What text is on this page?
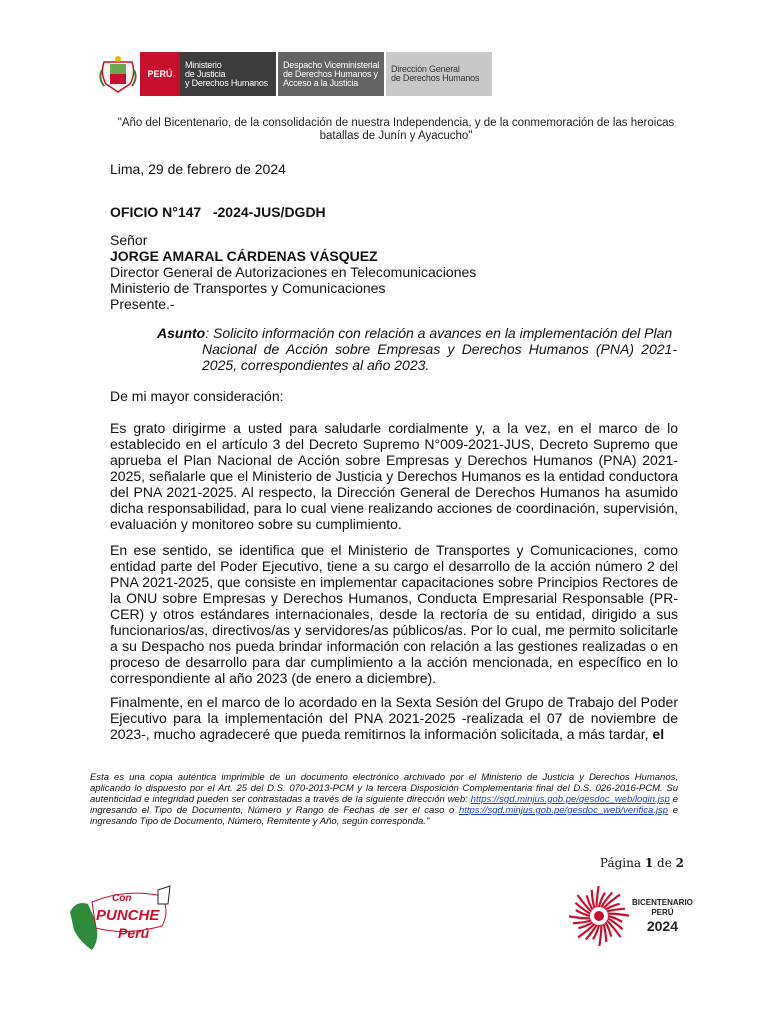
PERÚ
Ministerio
de Justicia
y Derechos Humanos
Despacho Viceministerial
de Derechos Humanos y
Acceso a la Justicia
Dirección General
de Derechos Humanos
"Año del Bicentenario, de la consolidación de nuestra Independencia, y de la conmemoración de las heroicas batallas de Junín y Ayacucho"
Lima, 29 de febrero de 2024
OFICIO N°147   -2024-JUS/DGDH
Señor
JORGE AMARAL CÁRDENAS VÁSQUEZ
Director General de Autorizaciones en Telecomunicaciones
Ministerio de Transportes y Comunicaciones
Presente.-
Asunto: Solicito información con relación a avances en la implementación del Plan
Nacional de Acción sobre Empresas y Derechos Humanos (PNA) 2021-2025, correspondientes al año 2023.
De mi mayor consideración:
Es grato dirigirme a usted para saludarle cordialmente y, a la vez, en el marco de lo establecido en el artículo 3 del Decreto Supremo N°009-2021-JUS, Decreto Supremo que aprueba el Plan Nacional de Acción sobre Empresas y Derechos Humanos (PNA) 2021-2025, señalarle que el Ministerio de Justicia y Derechos Humanos es la entidad conductora del PNA 2021-2025. Al respecto, la Dirección General de Derechos Humanos ha asumido dicha responsabilidad, para lo cual viene realizando acciones de coordinación, supervisión, evaluación y monitoreo sobre su cumplimiento.
En ese sentido, se identifica que el Ministerio de Transportes y Comunicaciones, como entidad parte del Poder Ejecutivo, tiene a su cargo el desarrollo de la acción número 2 del PNA 2021-2025, que consiste en implementar capacitaciones sobre Principios Rectores de la ONU sobre Empresas y Derechos Humanos, Conducta Empresarial Responsable (PR-CER) y otros estándares internacionales, desde la rectoría de su entidad, dirigido a sus funcionarios/as, directivos/as y servidores/as públicos/as. Por lo cual, me permito solicitarle a su Despacho nos pueda brindar información con relación a las gestiones realizadas o en proceso de desarrollo para dar cumplimiento a la acción mencionada, en específico en lo correspondiente al año 2023 (de enero a diciembre).
Finalmente, en el marco de lo acordado en la Sexta Sesión del Grupo de Trabajo del Poder Ejecutivo para la implementación del PNA 2021-2025 -realizada el 07 de noviembre de 2023-, mucho agradeceré que pueda remitirnos la información solicitada, a más tardar, el
Esta es una copia auténtica imprimible de un documento electrónico archivado por el Ministerio de Justicia y Derechos Humanos, aplicando lo dispuesto por el Art. 25 del D.S. 070-2013-PCM y la tercera Disposición Complementaria final del D.S. 026-2016-PCM. Su autenticidad e integridad pueden ser contrastadas a través de la siguiente dirección web: https://sgd.minjus.gob.pe/gesdoc_web/login.jsp e ingresando el Tipo de Documento, Número y Rango de Fechas de ser el caso o https://sgd.minjus.gob.pe/gesdoc_web/verifica.jsp e ingresando Tipo de Documento, Número, Remitente y Año, según corresponda."
Página 1 de 2
Con
PUNCHE
Perú
BICENTENARIO
PERÚ
2024
